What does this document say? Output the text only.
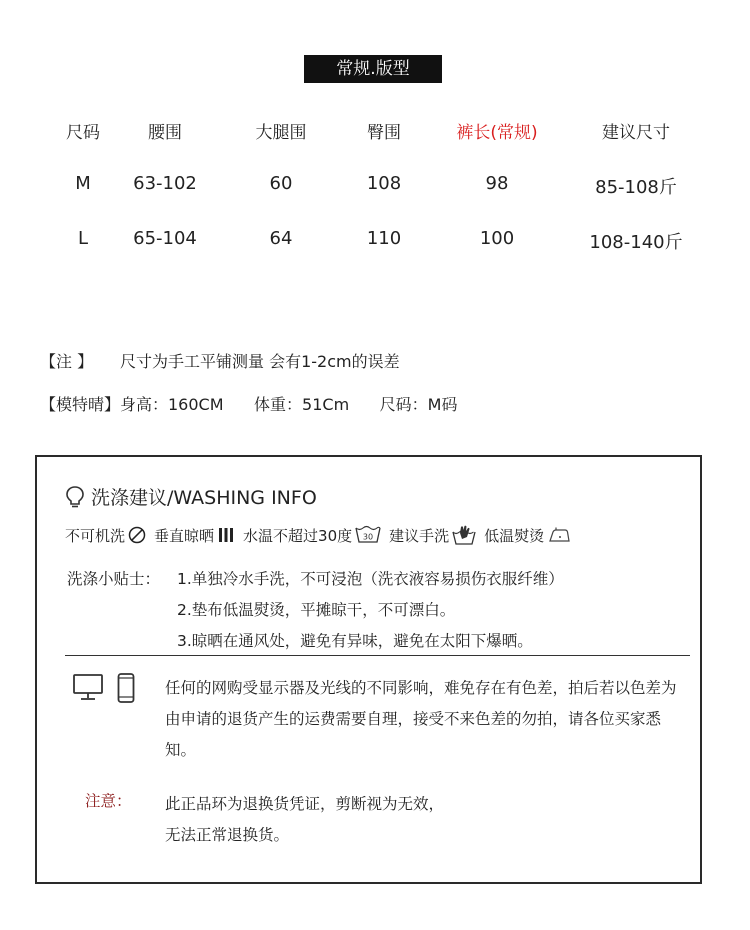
常规.版型
尺码	腰围	大腿围	臀围	裤长(常规)	建议尺寸
M 63-102	60	108	98	85-108斤
L	65-104	64	110	100	108-140斤
【注 】 尺寸为手工平铺测量 会有1-2cm的误差
【模特晴】身高：160CM      体重：51Cm      尺码：M码
洗涤建议/WASHING INFO
不可机洗 垂直晾晒 水温不超过30度 30 建议手洗 低温熨烫
洗涤小贴士： 1.单独冷水手洗，不可浸泡（洗衣液容易损伤衣服纤维）
2.垫布低温熨烫，平摊晾干，不可漂白。
3.晾晒在通风处，避免有异味，避免在太阳下爆晒。
任何的网购受显示器及光线的不同影响，难免存在有色差，拍后若以色差为由申请的退货产生的运费需要自理，接受不来色差的勿拍，请各位买家悉知。
注意： 此正品环为退换货凭证，剪断视为无效，
无法正常退换货。
